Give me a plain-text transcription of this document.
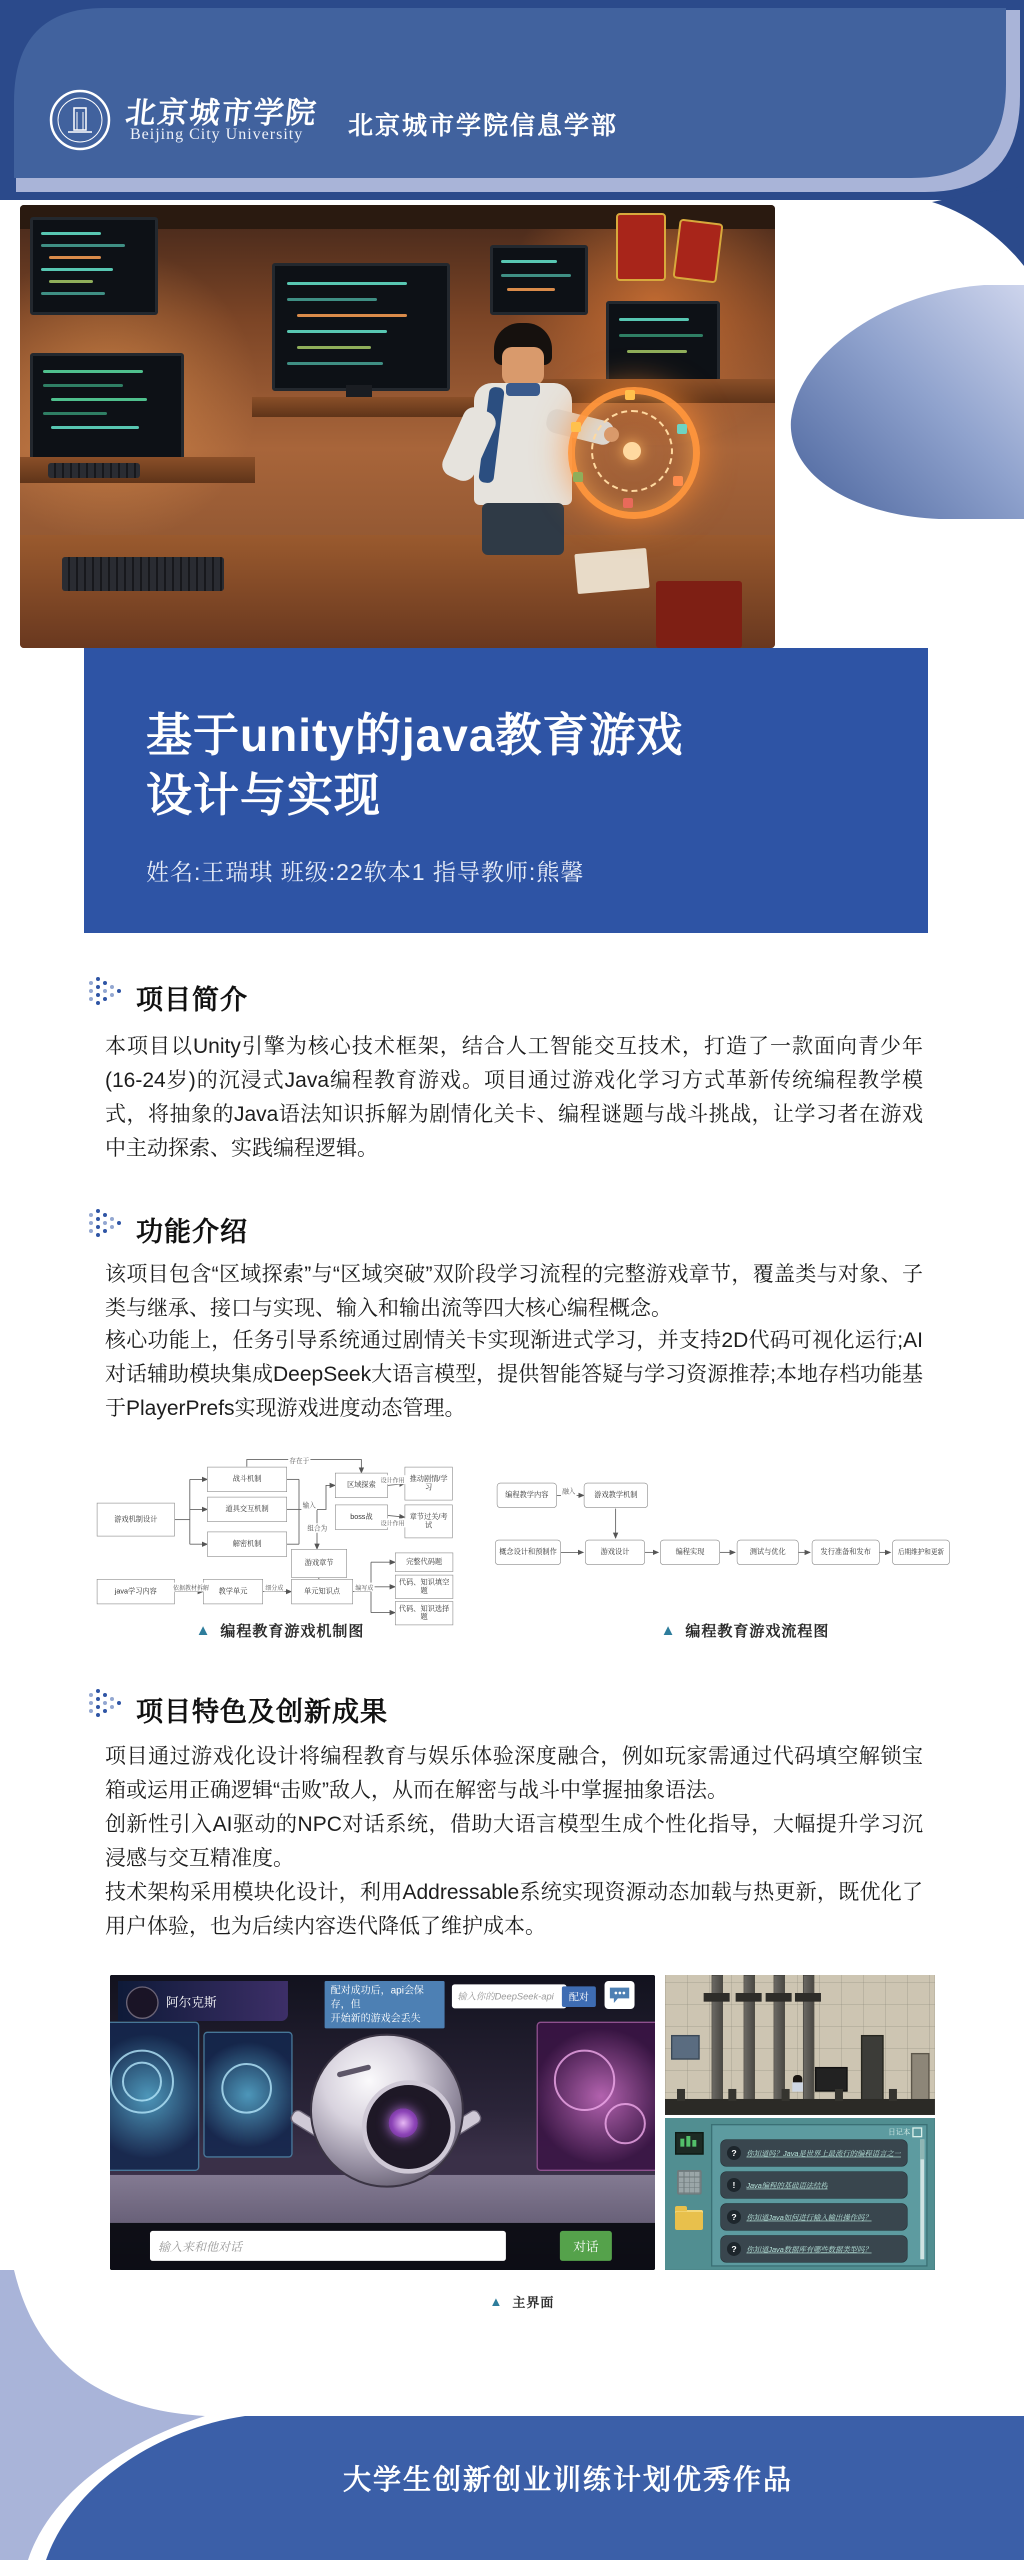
北京城市学院
Beijing City University 北京城市学院信息学部
基于unity的java教育游戏
设计与实现
姓名:王瑞琪 班级:22软本1 指导教师:熊馨
项目简介
本项目以Unity引擎为核心技术框架，结合人工智能交互技术，打造了一款面向青少年(16-24岁)的沉浸式Java编程教育游戏。项目通过游戏化学习方式革新传统编程教学模式，将抽象的Java语法知识拆解为剧情化关卡、编程谜题与战斗挑战，让学习者在游戏中主动探索、实践编程逻辑。
功能介绍
该项目包含“区域探索”与“区域突破”双阶段学习流程的完整游戏章节，覆盖类与对象、子类与继承、接口与实现、输入和输出流等四大核心编程概念。
核心功能上，任务引导系统通过剧情关卡实现渐进式学习，并支持2D代码可视化运行;AI对话辅助模块集成DeepSeek大语言模型，提供智能答疑与学习资源推荐;本地存档功能基于PlayerPrefs实现游戏进度动态管理。
游戏机制设计
战斗机制
道具交互机制
解密机制
游戏章节
区域探索
boss战
推动剧情/学习
章节过关/考试
java学习内容	教学单元	单元知识点
完整代码题
代码、知识填空题
代码、知识选择题
存在于
输入
组合为
设计作用
设计作用
依据教材拆解	细分成	编写成
编程教学内容	游戏教学机制
概念设计和预制作	游戏设计	编程实现	测试与优化	发行准备和发布	后期维护和更新
融入
▲ 编程教育游戏机制图	▲ 编程教育游戏流程图
项目特色及创新成果
项目通过游戏化设计将编程教育与娱乐体验深度融合，例如玩家需通过代码填空解锁宝箱或运用正确逻辑“击败”敌人，从而在解密与战斗中掌握抽象语法。
创新性引入AI驱动的NPC对话系统，借助大语言模型生成个性化指导，大幅提升学习沉浸感与交互精准度。
技术架构采用模块化设计，利用Addressable系统实现资源动态加载与热更新，既优化了用户体验，也为后续内容迭代降低了维护成本。
阿尔克斯
配对成功后，api会保存，但
开始新的游戏会丢失
输入你的DeepSeek-api	配对
输入来和他对话	对话
日记本
? 你知道吗？Java是世界上最流行的编程语言之一
! Java编程的基础语法结构
? 你知道Java如何进行输入输出操作吗？
? 你知道Java数据库有哪些数据类型吗？
▲ 主界面
大学生创新创业训练计划优秀作品
